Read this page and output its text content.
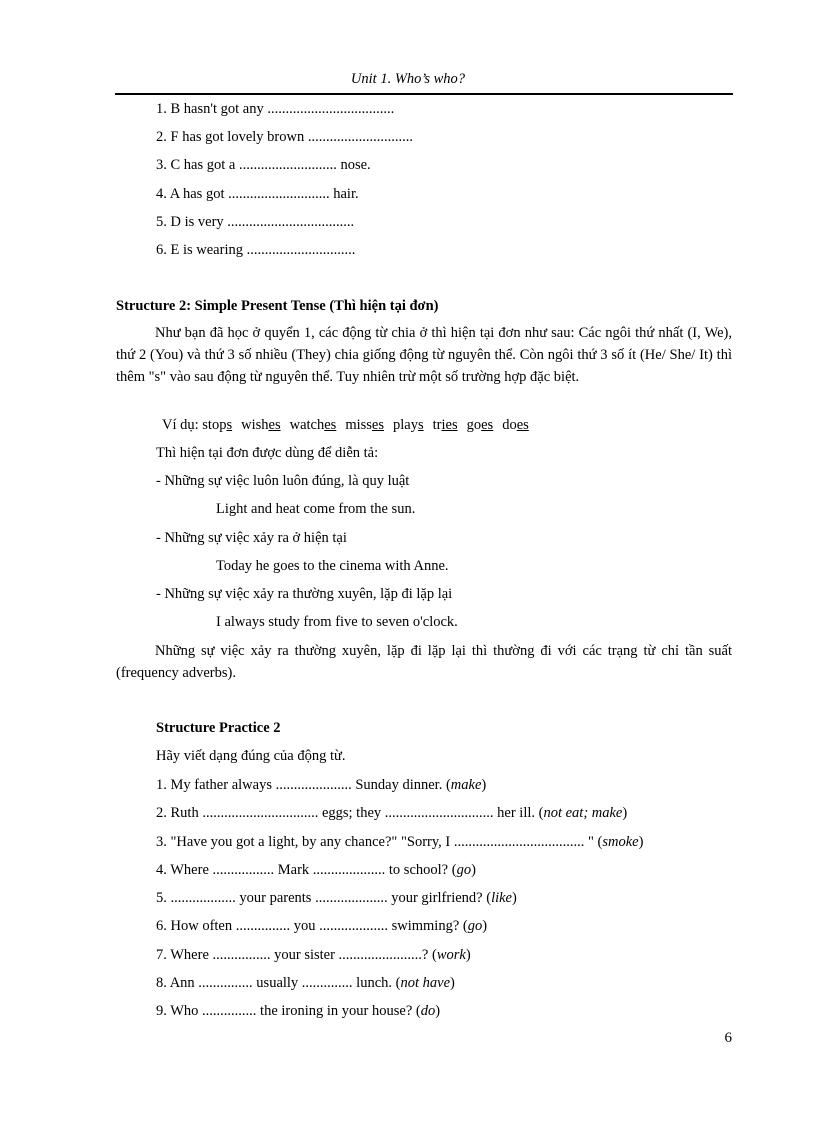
Unit 1. Who’s who?
1. B hasn't got any ...................................
2. F has got lovely brown .............................
3. C has got a ........................... nose.
4. A has got ............................ hair.
5. D is very ...................................
6. E is wearing ..............................
Structure 2: Simple Present Tense (Thì hiện tại đơn)
Như bạn đã học ở quyển 1, các động từ chia ở thì hiện tại đơn như sau: Các ngôi thứ nhất (I, We), thứ 2 (You) và thứ 3 số nhiều (They) chia giống động từ nguyên thể. Còn ngôi thứ 3 số ít (He/ She/ It) thì thêm "s" vào sau động từ nguyên thể. Tuy nhiên trừ một số trường hợp đặc biệt.
Ví dụ: stops wishes watches misses plays tries goes does
Thì hiện tại đơn được dùng để diễn tả:
- Những sự việc luôn luôn đúng, là quy luật
Light and heat come from the sun.
- Những sự việc xảy ra ở hiện tại
Today he goes to the cinema with Anne.
- Những sự việc xảy ra thường xuyên, lặp đi lặp lại
I always study from five to seven o'clock.
Những sự việc xảy ra thường xuyên, lặp đi lặp lại thì thường đi với các trạng từ chỉ tần suất (frequency adverbs).
Structure Practice 2
Hãy viết dạng đúng của động từ.
1. My father always ..................... Sunday dinner. (make)
2. Ruth ................................ eggs; they .............................. her ill. (not eat; make)
3. "Have you got a light, by any chance?" "Sorry, I .................................... " (smoke)
4. Where ................. Mark .................... to school? (go)
5. .................. your parents .................... your girlfriend? (like)
6. How often ............... you ................... swimming? (go)
7. Where ................ your sister .......................? (work)
8. Ann ............... usually .............. lunch. (not have)
9. Who ............... the ironing in your house? (do)
6
